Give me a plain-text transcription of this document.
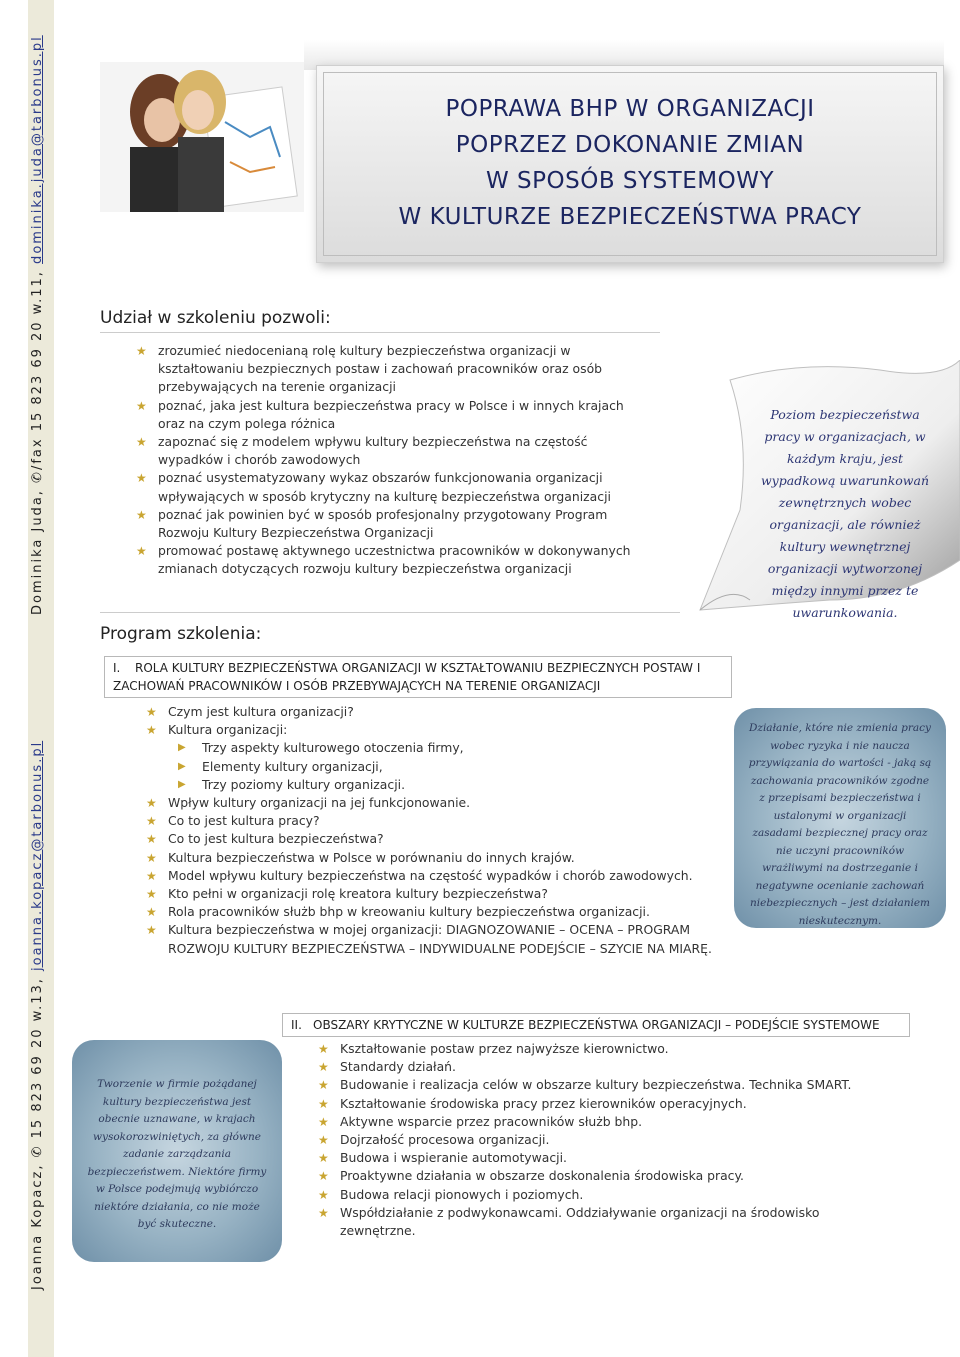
Dominika Juda, ✆/fax 15 823 69 20 w.11, dominika.juda@tarbonus.pl
Joanna Kopacz, ✆ 15 823 69 20 w.13, joanna.kopacz@tarbonus.pl
POPRAWA BHP W ORGANIZACJI
POPRZEZ DOKONANIE ZMIAN
W SPOSÓB SYSTEMOWY
W KULTURZE BEZPIECZEŃSTWA PRACY
Udział w szkoleniu pozwoli:
★ zrozumieć niedocenianą rolę kultury bezpieczeństwa organizacji w kształtowaniu bezpiecznych postaw i zachowań pracowników oraz osób przebywających na terenie organizacji
★ poznać, jaka jest kultura bezpieczeństwa pracy w Polsce i w innych krajach oraz na czym polega różnica
★ zapoznać się z modelem wpływu kultury bezpieczeństwa na częstość wypadków i chorób zawodowych
★ poznać usystematyzowany wykaz obszarów funkcjonowania organizacji wpływających w sposób krytyczny na kulturę bezpieczeństwa organizacji
★ poznać jak powinien być w sposób profesjonalny przygotowany Program Rozwoju Kultury Bezpieczeństwa Organizacji
★ promować postawę aktywnego uczestnictwa pracowników w dokonywanych zmianach dotyczących rozwoju kultury bezpieczeństwa organizacji
Poziom bezpieczeństwa pracy w organizacjach, w każdym kraju, jest wypadkową uwarunkowań zewnętrznych wobec organizacji, ale również kultury wewnętrznej organizacji wytworzonej między innymi przez te uwarunkowania.
Program szkolenia:
I. ROLA KULTURY BEZPIECZEŃSTWA ORGANIZACJI W KSZTAŁTOWANIU BEZPIECZNYCH POSTAW I ZACHOWAŃ PRACOWNIKÓW I OSÓB PRZEBYWAJĄCYCH NA TERENIE ORGANIZACJI
★ Czym jest kultura organizacji?
★ Kultura organizacji:
▶ Trzy aspekty kulturowego otoczenia firmy,
▶ Elementy kultury organizacji,
▶ Trzy poziomy kultury organizacji.
★ Wpływ kultury organizacji na jej funkcjonowanie.
★ Co to jest kultura pracy?
★ Co to jest kultura bezpieczeństwa?
★ Kultura bezpieczeństwa w Polsce w porównaniu do innych krajów.
★ Model wpływu kultury bezpieczeństwa na częstość wypadków i chorób zawodowych.
★ Kto pełni w organizacji rolę kreatora kultury bezpieczeństwa?
★ Rola pracowników służb bhp w kreowaniu kultury bezpieczeństwa organizacji.
★ Kultura bezpieczeństwa w mojej organizacji: DIAGNOZOWANIE – OCENA – PROGRAM ROZWOJU KULTURY BEZPIECZEŃSTWA – INDYWIDUALNE PODEJŚCIE – SZYCIE NA MIARĘ.
II. OBSZARY KRYTYCZNE W KULTURZE BEZPIECZEŃSTWA ORGANIZACJI – PODEJŚCIE SYSTEMOWE
★ Kształtowanie postaw przez najwyższe kierownictwo.
★ Standardy działań.
★ Budowanie i realizacja celów w obszarze kultury bezpieczeństwa. Technika SMART.
★ Kształtowanie środowiska pracy przez kierowników operacyjnych.
★ Aktywne wsparcie przez pracowników służb bhp.
★ Dojrzałość procesowa organizacji.
★ Budowa i wspieranie automotywacji.
★ Proaktywne działania w obszarze doskonalenia środowiska pracy.
★ Budowa relacji pionowych i poziomych.
★ Współdziałanie z podwykonawcami. Oddziaływanie organizacji na środowisko zewnętrzne.
Działanie, które nie zmienia pracy wobec ryzyka i nie naucza przywiązania do wartości - jaką są zachowania pracowników zgodne z przepisami bezpieczeństwa i ustalonymi w organizacji zasadami bezpiecznej pracy oraz nie uczyni pracowników wrażliwymi na dostrzeganie i negatywne ocenianie zachowań niebezpiecznych – jest działaniem nieskutecznym.
Tworzenie w firmie pożądanej kultury bezpieczeństwa jest obecnie uznawane, w krajach wysokorozwiniętych, za główne zadanie zarządzania bezpieczeństwem. Niektóre firmy w Polsce podejmują wybiórczo niektóre działania, co nie może być skuteczne.
